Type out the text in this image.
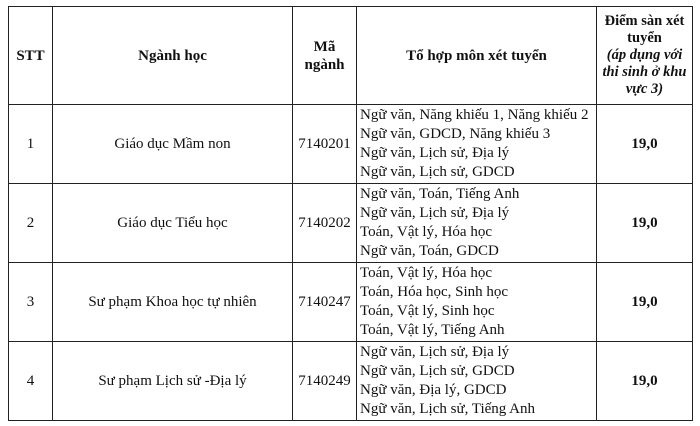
STT	Ngành học	Mã ngành	Tổ hợp môn xét tuyển	Điểm sàn xét tuyển
(áp dụng với thi sinh ở khu vực 3)

1	Giáo dục Mầm non	7140201	Ngữ văn, Năng khiếu 1, Năng khiếu 2
Ngữ văn, GDCD, Năng khiếu 3
Ngữ văn, Lịch sử, Địa lý
Ngữ văn, Lịch sử, GDCD	19,0
2	Giáo dục Tiểu học	7140202	Ngữ văn, Toán, Tiếng Anh
Ngữ văn, Lịch sử, Địa lý
Toán, Vật lý, Hóa học
Ngữ văn, Toán, GDCD	19,0
3	Sư phạm Khoa học tự nhiên	7140247	Toán, Vật lý, Hóa học
Toán, Hóa học, Sinh học
Toán, Vật lý, Sinh học
Toán, Vật lý, Tiếng Anh	19,0
4	Sư phạm Lịch sử -Địa lý	7140249	Ngữ văn, Lịch sử, Địa lý
Ngữ văn, Lịch sử, GDCD
Ngữ văn, Địa lý, GDCD
Ngữ văn, Lịch sử, Tiếng Anh	19,0
